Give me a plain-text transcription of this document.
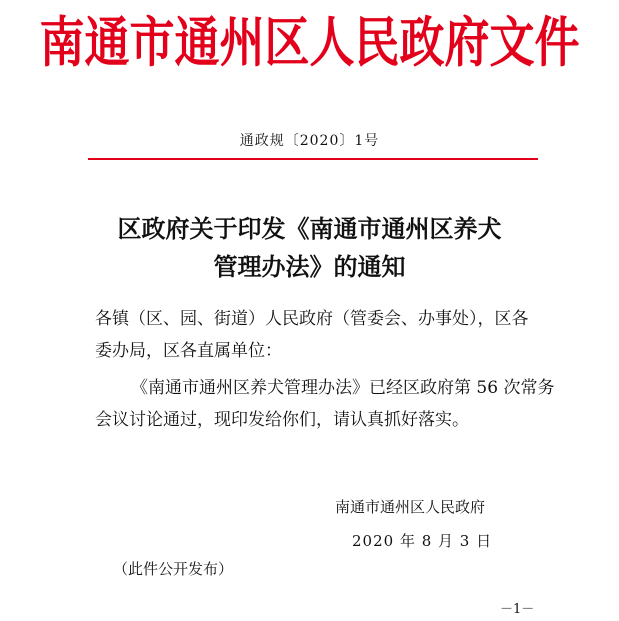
南通市通州区人民政府文件
通政规〔2020〕1号
区政府关于印发《南通市通州区养犬
管理办法》的通知
各镇（区、园、街道）人民政府（管委会、办事处），区各委办局，区各直属单位：
《南通市通州区养犬管理办法》已经区政府第 56 次常务会议讨论通过，现印发给你们，请认真抓好落实。
南通市通州区人民政府
2020 年 8 月 3 日
（此件公开发布）
－1－
